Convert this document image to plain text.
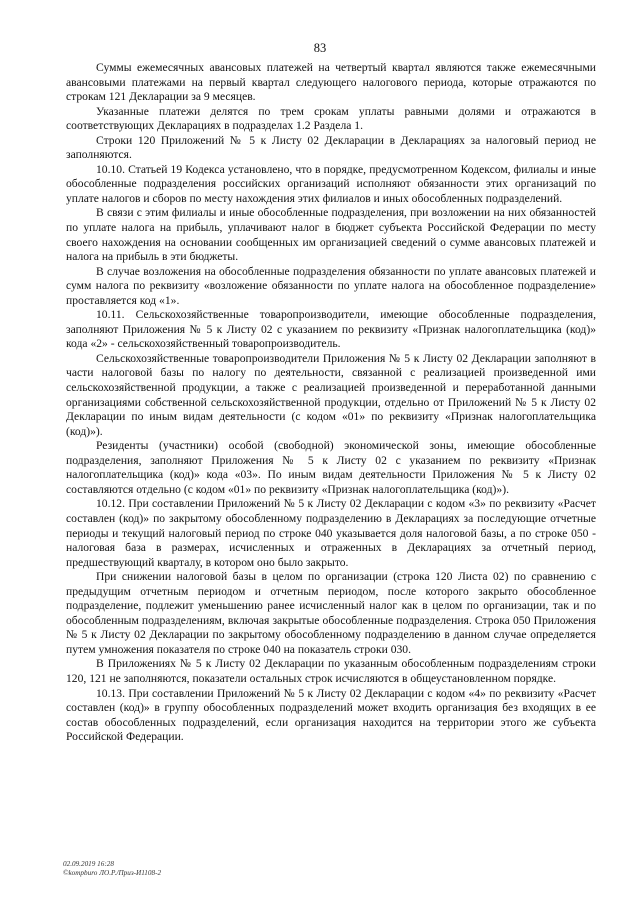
83

Суммы ежемесячных авансовых платежей на четвертый квартал являются также ежемесячными авансовыми платежами на первый квартал следующего налогового периода, которые отражаются по строкам 121 Декларации за 9 месяцев.

Указанные платежи делятся по трем срокам уплаты равными долями и отражаются в соответствующих Декларациях в подразделах 1.2 Раздела 1.

Строки 120 Приложений № 5 к Листу 02 Декларации в Декларациях за налоговый период не заполняются.

10.10. Статьей 19 Кодекса установлено, что в порядке, предусмотренном Кодексом, филиалы и иные обособленные подразделения российских организаций исполняют обязанности этих организаций по уплате налогов и сборов по месту нахождения этих филиалов и иных обособленных подразделений.

В связи с этим филиалы и иные обособленные подразделения, при возложении на них обязанностей по уплате налога на прибыль, уплачивают налог в бюджет субъекта Российской Федерации по месту своего нахождения на основании сообщенных им организацией сведений о сумме авансовых платежей и налога на прибыль в эти бюджеты.

В случае возложения на обособленные подразделения обязанности по уплате авансовых платежей и сумм налога по реквизиту «возложение обязанности по уплате налога на обособленное подразделение» проставляется код «1».

10.11. Сельскохозяйственные товаропроизводители, имеющие обособленные подразделения, заполняют Приложения № 5 к Листу 02 с указанием по реквизиту «Признак налогоплательщика (код)» кода «2» - сельскохозяйственный товаропроизводитель.

Сельскохозяйственные товаропроизводители Приложения № 5 к Листу 02 Декларации заполняют в части налоговой базы по налогу по деятельности, связанной с реализацией произведенной ими сельскохозяйственной продукции, а также с реализацией произведенной и переработанной данными организациями собственной сельскохозяйственной продукции, отдельно от Приложений № 5 к Листу 02 Декларации по иным видам деятельности (с кодом «01» по реквизиту «Признак налогоплательщика (код)»).

Резиденты (участники) особой (свободной) экономической зоны, имеющие обособленные подразделения, заполняют Приложения № 5 к Листу 02 с указанием по реквизиту «Признак налогоплательщика (код)» кода «03». По иным видам деятельности Приложения № 5 к Листу 02 составляются отдельно (с кодом «01» по реквизиту «Признак налогоплательщика (код)»).

10.12. При составлении Приложений № 5 к Листу 02 Декларации с кодом «3» по реквизиту «Расчет составлен (код)» по закрытому обособленному подразделению в Декларациях за последующие отчетные периоды и текущий налоговый период по строке 040 указывается доля налоговой базы, а по строке 050 - налоговая база в размерах, исчисленных и отраженных в Декларациях за отчетный период, предшествующий кварталу, в котором оно было закрыто.

При снижении налоговой базы в целом по организации (строка 120 Листа 02) по сравнению с предыдущим отчетным периодом и отчетным периодом, после которого закрыто обособленное подразделение, подлежит уменьшению ранее исчисленный налог как в целом по организации, так и по обособленным подразделениям, включая закрытые обособленные подразделения. Строка 050 Приложения № 5 к Листу 02 Декларации по закрытому обособленному подразделению в данном случае определяется путем умножения показателя по строке 040 на показатель строки 030.

В Приложениях № 5 к Листу 02 Декларации по указанным обособленным подразделениям строки 120, 121 не заполняются, показатели остальных строк исчисляются в общеустановленном порядке.

10.13. При составлении Приложений № 5 к Листу 02 Декларации с кодом «4» по реквизиту «Расчет составлен (код)» в группу обособленных подразделений может входить организация без входящих в ее состав обособленных подразделений, если организация находится на территории этого же субъекта Российской Федерации.

02.09.2019 16:28
©kompburo ЛО.Р./Приз-И1108-2
